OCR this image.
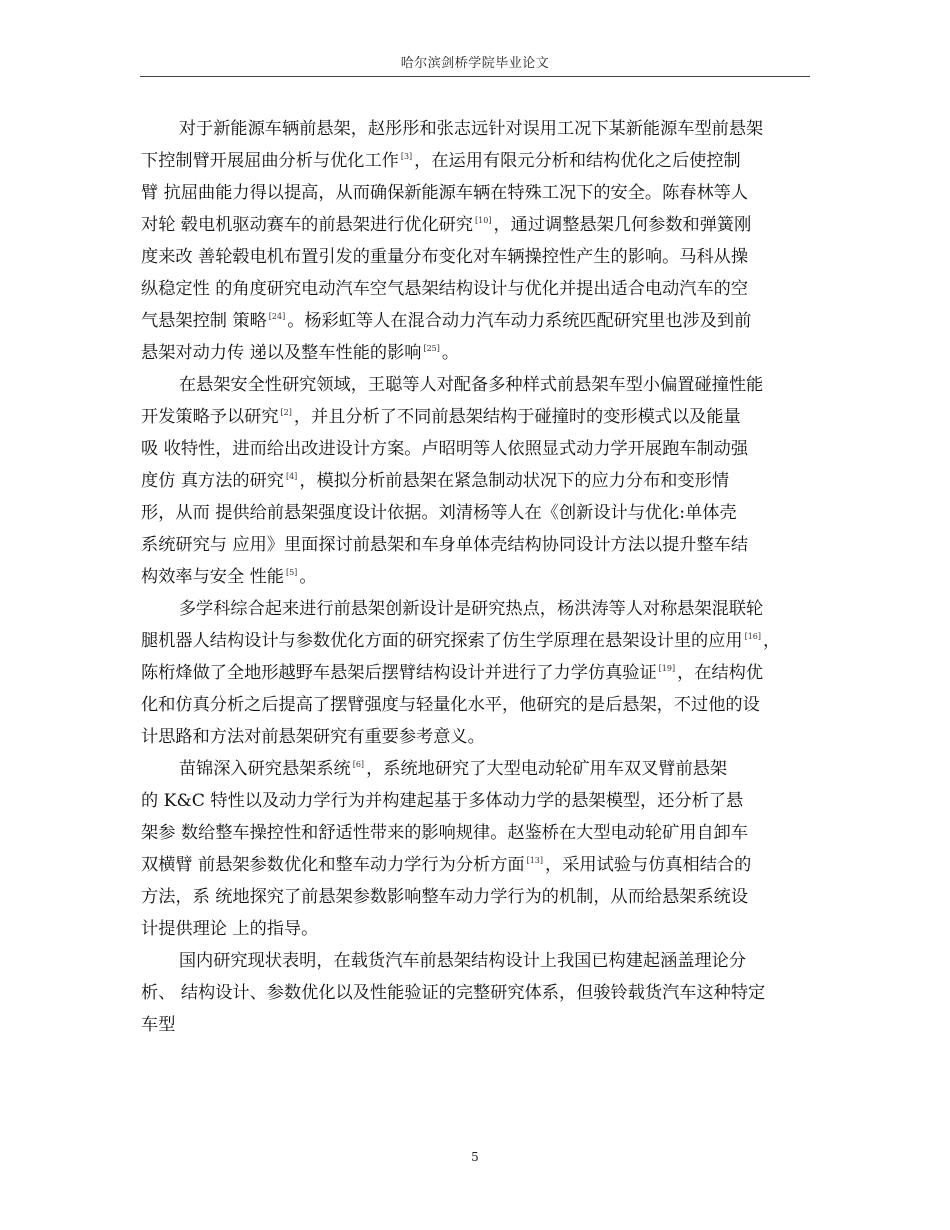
哈尔滨剑桥学院毕业论文
对于新能源车辆前悬架，赵彤彤和张志远针对误用工况下某新能源车型前悬架
下控制臂开展屈曲分析与优化工作 [3] ，在运用有限元分析和结构优化之后使控制
臂 抗屈曲能力得以提高，从而确保新能源车辆在特殊工况下的安全。陈春林等人
对轮 毂电机驱动赛车的前悬架进行优化研究 [10] ，通过调整悬架几何参数和弹簧刚
度来改 善轮毂电机布置引发的重量分布变化对车辆操控性产生的影响。马科从操
纵稳定性 的角度研究电动汽车空气悬架结构设计与优化并提出适合电动汽车的空
气悬架控制 策略 [24] 。杨彩虹等人在混合动力汽车动力系统匹配研究里也涉及到前
悬架对动力传 递以及整车性能的影响 [25] 。
在悬架安全性研究领域，王聪等人对配备多种样式前悬架车型小偏置碰撞性能
开发策略予以研究 [2] ，并且分析了不同前悬架结构于碰撞时的变形模式以及能量
吸 收特性，进而给出改进设计方案。卢昭明等人依照显式动力学开展跑车制动强
度仿 真方法的研究 [4] ，模拟分析前悬架在紧急制动状况下的应力分布和变形情
形，从而 提供给前悬架强度设计依据。刘清杨等人在《创新设计与优化:单体壳
系统研究与 应用》里面探讨前悬架和车身单体壳结构协同设计方法以提升整车结
构效率与安全 性能 [5] 。
多学科综合起来进行前悬架创新设计是研究热点，杨洪涛等人对称悬架混联轮
腿机器人结构设计与参数优化方面的研究探索了仿生学原理在悬架设计里的应用 [16] ，
陈桁烽做了全地形越野车悬架后摆臂结构设计并进行了力学仿真验证 [19] ，在结构优
化和仿真分析之后提高了摆臂强度与轻量化水平，他研究的是后悬架，不过他的设
计思路和方法对前悬架研究有重要参考意义。
苗锦深入研究悬架系统 [6] ，系统地研究了大型电动轮矿用车双叉臂前悬架
的 K&C 特性以及动力学行为并构建起基于多体动力学的悬架模型，还分析了悬
架参 数给整车操控性和舒适性带来的影响规律。赵鉴桥在大型电动轮矿用自卸车
双横臂 前悬架参数优化和整车动力学行为分析方面 [13] ，采用试验与仿真相结合的
方法，系 统地探究了前悬架参数影响整车动力学行为的机制，从而给悬架系统设
计提供理论 上的指导。
国内研究现状表明，在载货汽车前悬架结构设计上我国已构建起涵盖理论分
析、 结构设计、参数优化以及性能验证的完整研究体系，但骏铃载货汽车这种特定
车型
5
